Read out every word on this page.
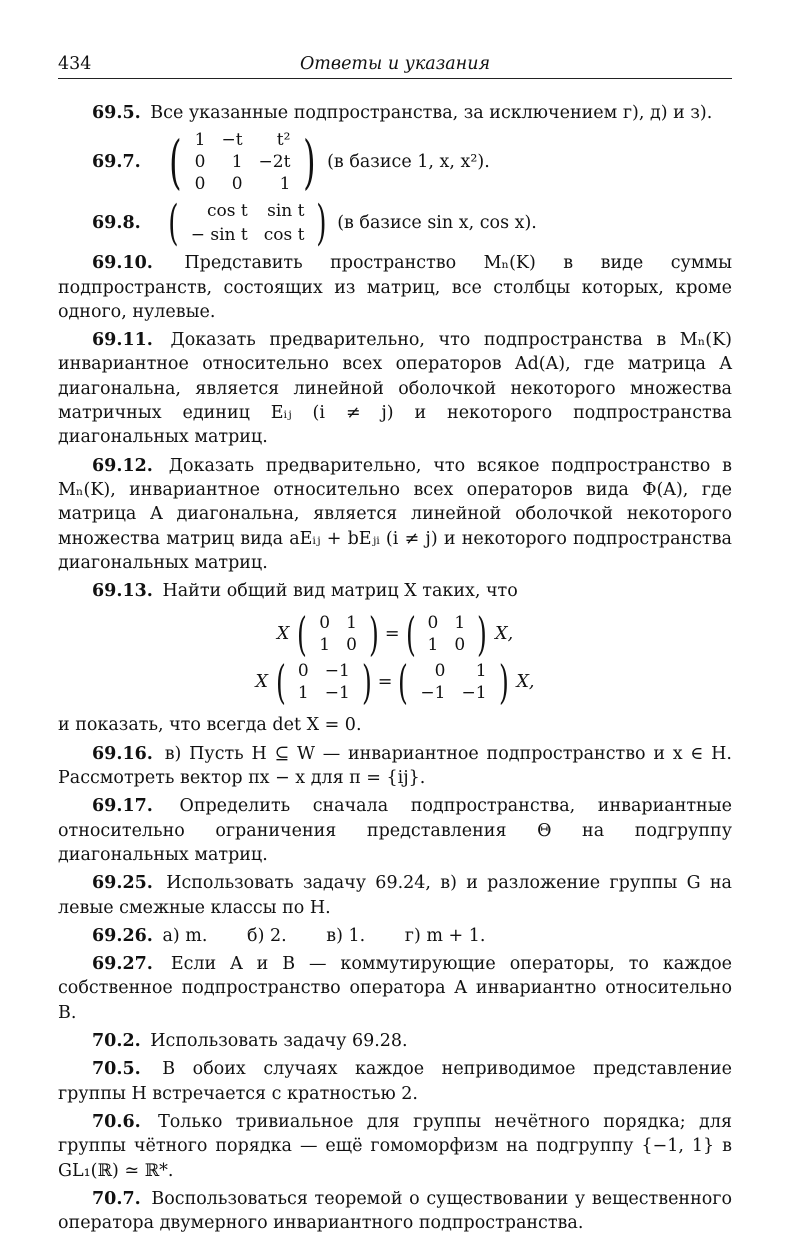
434	Ответы и указания
69.5. Все указанные подпространства, за исключением г), д) и з).
69.7. ( 1	−t	t²
0	1	−2t
0	0	1 ) (в базисе 1, x, x²).
69.8. ( cos t	sin t
− sin t	cos t ) (в базисе sin x, cos x).
69.10. Представить пространство Mₙ(K) в виде суммы подпространств, состоящих из матриц, все столбцы которых, кроме одного, нулевые.
69.11. Доказать предварительно, что подпространства в Mₙ(K) инвариантное относительно всех операторов Ad(A), где матрица A диагональна, является линейной оболочкой некоторого множества матричных единиц Eᵢⱼ (i ≠ j) и некоторого подпространства диагональных матриц.
69.12. Доказать предварительно, что всякое подпространство в Mₙ(K), инвариантное относительно всех операторов вида Φ(A), где матрица A диагональна, является линейной оболочкой некоторого множества матриц вида aEᵢⱼ + bEⱼᵢ (i ≠ j) и некоторого подпространства диагональных матриц.
69.13. Найти общий вид матриц X таких, что
X ( 0	1
1	0 ) = ( 0	1
1	0 ) X,
X ( 0	−1
1	−1 ) = ( 0	1
−1	−1 ) X,
и показать, что всегда det X = 0.
69.16. в) Пусть H ⊆ W — инвариантное подпространство и x ∈ H. Рассмотреть вектор πx − x для π = {ij}.
69.17. Определить сначала подпространства, инвариантные относительно ограничения представления Θ на подгруппу диагональных матриц.
69.25. Использовать задачу 69.24, в) и разложение группы G на левые смежные классы по H.
69.26. а) m. б) 2. в) 1. г) m + 1.
69.27. Если A и B — коммутирующие операторы, то каждое собственное подпространство оператора A инвариантно относительно B.
70.2. Использовать задачу 69.28.
70.5. В обоих случаях каждое неприводимое представление группы H встречается с кратностью 2.
70.6. Только тривиальное для группы нечётного порядка; для группы чётного порядка — ещё гомоморфизм на подгруппу {−1, 1} в GL₁(ℝ) ≃ ℝ*.
70.7. Воспользоваться теоремой о существовании у вещественного оператора двумерного инвариантного подпространства.
